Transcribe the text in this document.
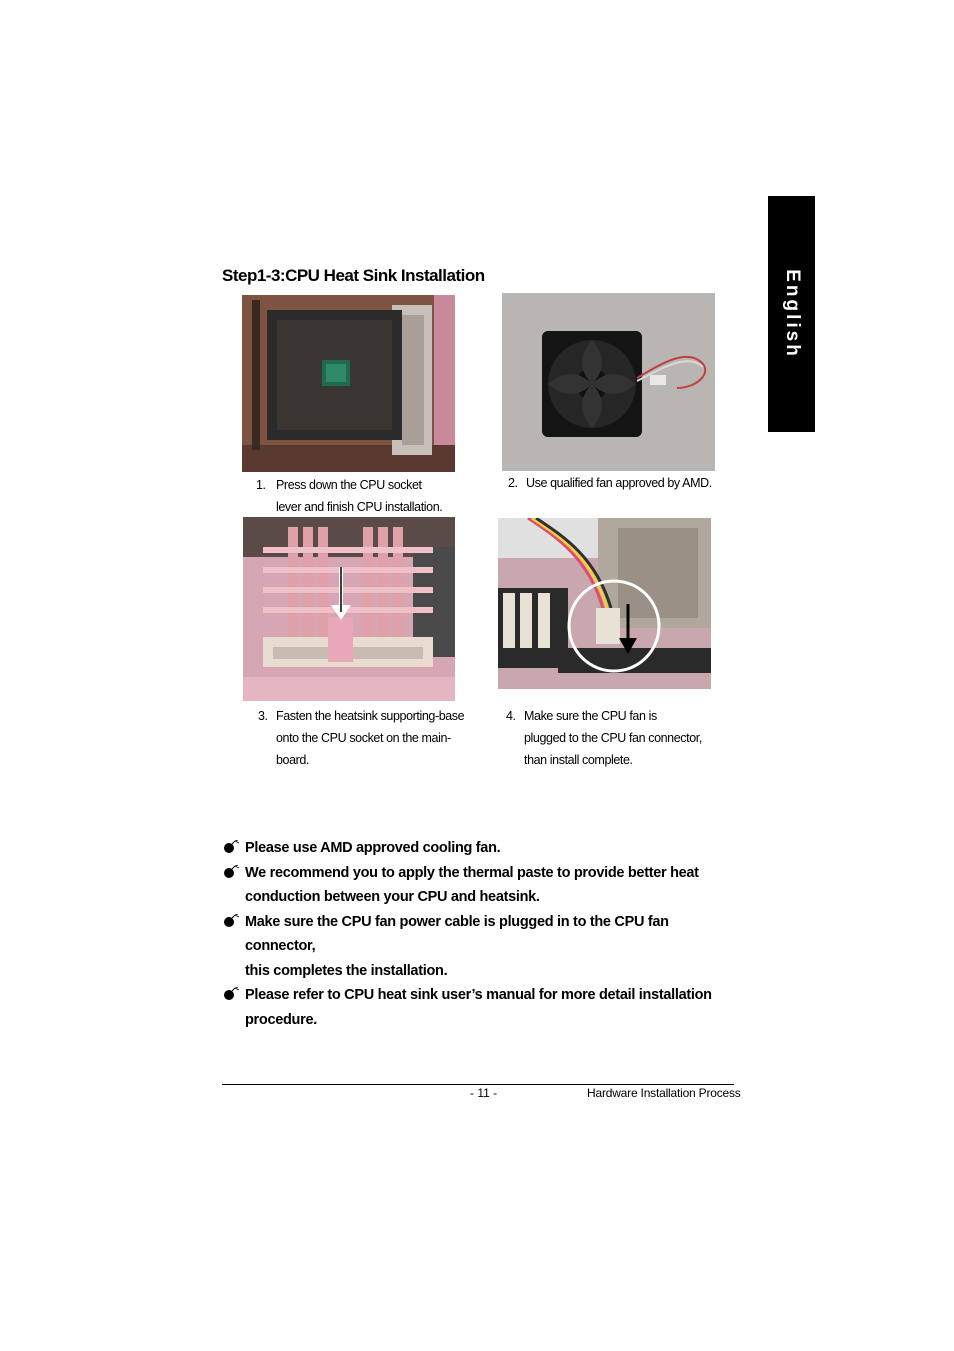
English
Step1-3:CPU Heat Sink Installation
1. Press down the CPU socket
lever and finish CPU installation.
2. Use qualified fan approved by AMD.
3. Fasten the heatsink supporting-base
onto the CPU socket on the main-
board.
4. Make sure the CPU fan is
plugged to the CPU fan connector,
than install complete.
Please use AMD approved cooling fan.
We recommend you to apply the thermal paste to provide better heat
conduction between your CPU and heatsink.
Make sure the CPU fan power cable is plugged in to the CPU fan connector,
this completes the installation.
Please refer to CPU heat sink user’s manual for more detail installation
procedure.
- 11 -	Hardware Installation Process
